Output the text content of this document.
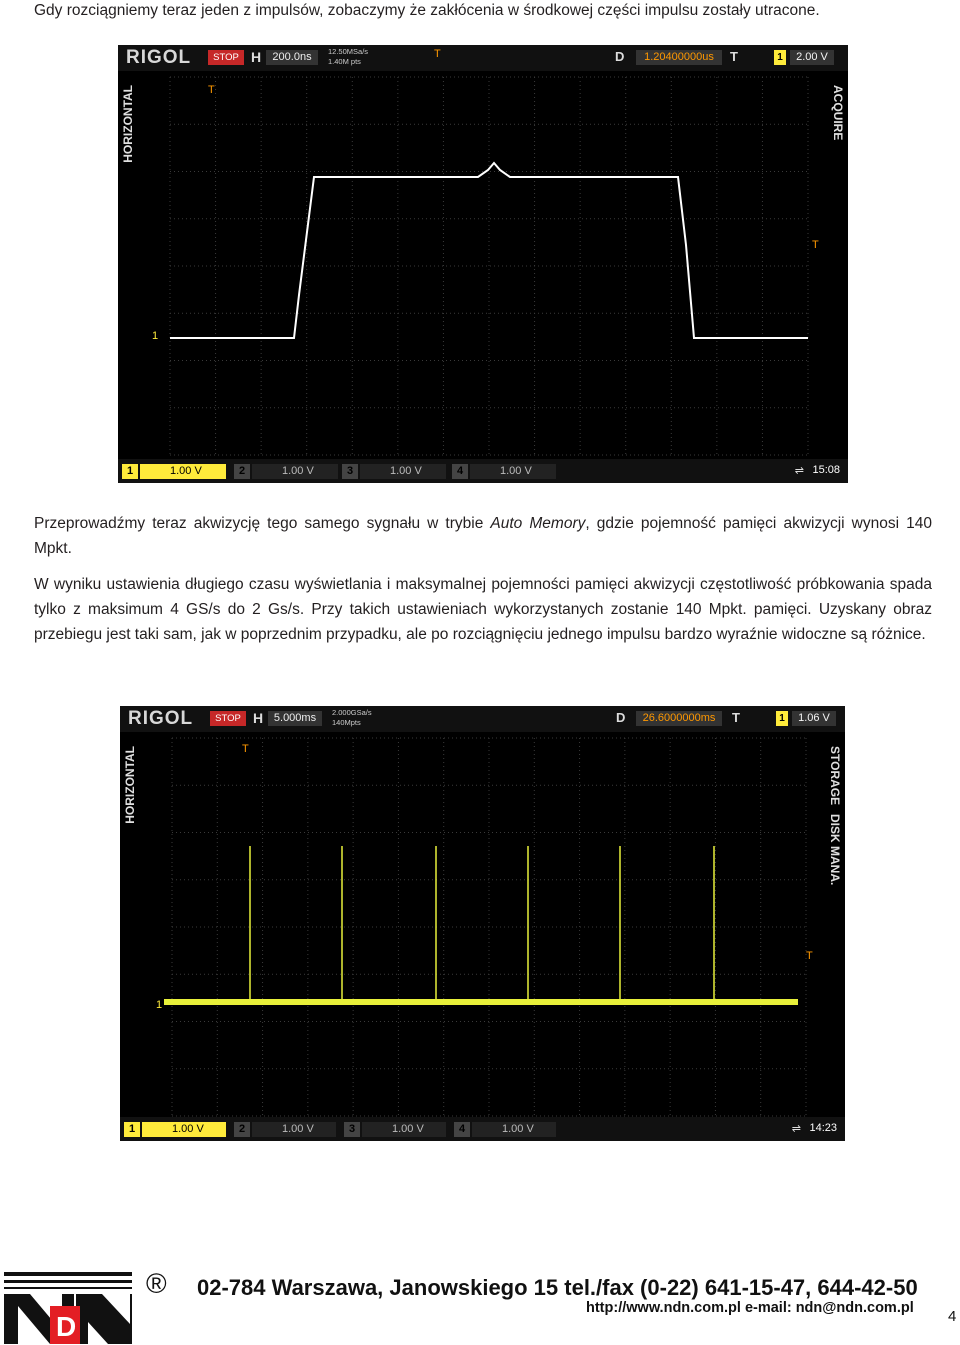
Gdy rozciągniemy teraz jeden z impulsów, zobaczymy że zakłócenia w środkowej części impulsu zostały utracone.
RIGOL	STOP H	200.0ns	12.50MSa/s
1.40M pts	D	1.20400000us	T	1	2.00 V
HORIZONTAL	ACQUIRE
T
T
T
1
1	1.00 V	2	1.00 V	3	1.00 V	4	1.00 V	⇌ 15:08
Przeprowadźmy teraz akwizycję tego samego sygnału w trybie Auto Memory, gdzie pojemność pamięci akwizycji wynosi 140 Mpkt.
W wyniku ustawienia długiego czasu wyświetlania i maksymalnej pojemności pamięci akwizycji częstotliwość próbkowania spada tylko z maksimum 4 GS/s do 2 Gs/s. Przy takich ustawieniach wykorzystanych zostanie 140 Mpkt. pamięci. Uzyskany obraz przebiegu jest taki sam, jak w poprzednim przypadku, ale po rozciągnięciu jednego impulsu bardzo wyraźnie widoczne są różnice.
RIGOL	STOP H 5.000ms	2.000GSa/s
140Mpts	D	26.6000000ms	T	1	1.06 V
HORIZONTAL	STORAGE
DISK MANA.
T
T
1
1	1.00 V	2	1.00 V	3	1.00 V	4	1.00 V	⇌ 14:23
D
® 02-784 Warszawa, Janowskiego 15 tel./fax (0-22) 641-15-47, 644-42-50
http://www.ndn.com.pl e-mail: ndn@ndn.com.pl 4
